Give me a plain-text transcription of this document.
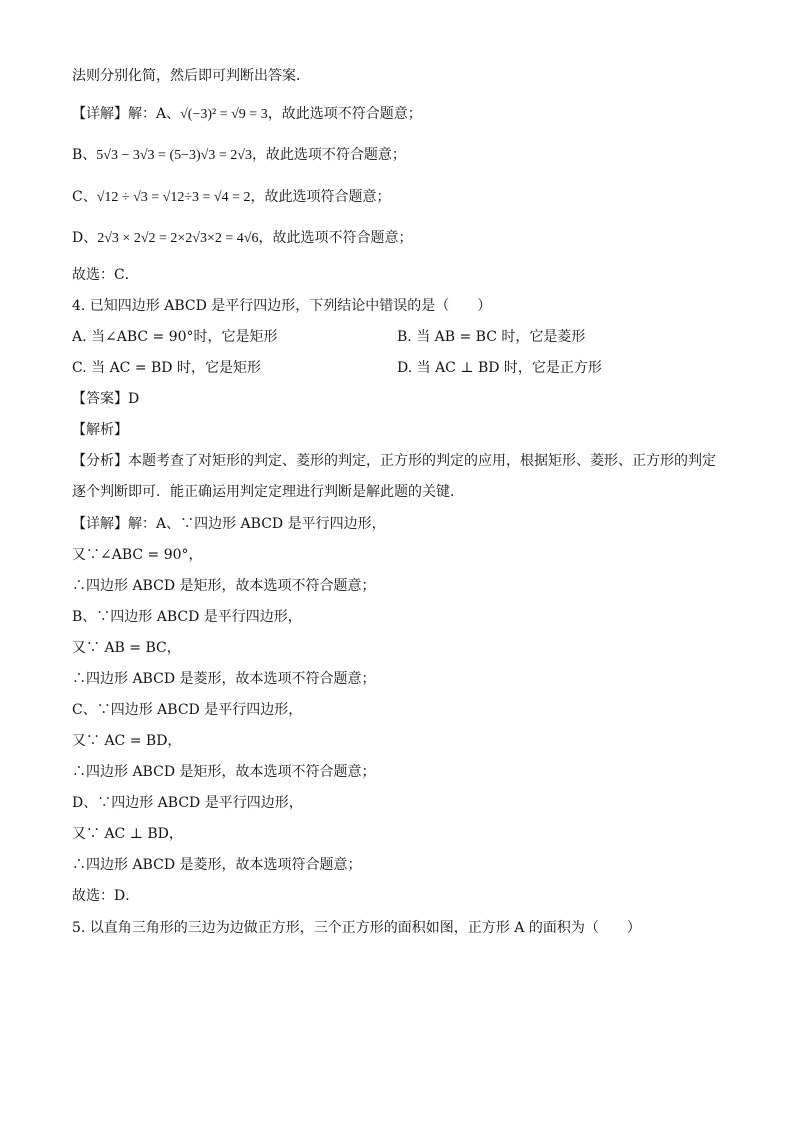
法则分别化简，然后即可判断出答案．
【详解】解：A、√(−3)² = √9 = 3，故此选项不符合题意；
B、5√3 − 3√3 = (5−3)√3 = 2√3，故此选项不符合题意；
C、√12 ÷ √3 = √12÷3 = √4 = 2，故此选项符合题意；
D、2√3 × 2√2 = 2×2√3×2 = 4√6，故此选项不符合题意；
故选：C．
4. 已知四边形 ABCD 是平行四边形，下列结论中错误的是（　　）
A. 当∠ABC = 90°时，它是矩形	B. 当 AB = BC 时，它是菱形
C. 当 AC = BD 时，它是矩形	D. 当 AC ⊥ BD 时，它是正方形
【答案】D
【解析】
【分析】本题考查了对矩形的判定、菱形的判定，正方形的判定的应用，根据矩形、菱形、正方形的判定
逐个判断即可．能正确运用判定定理进行判断是解此题的关键．
【详解】解：A、∵四边形 ABCD 是平行四边形，
又∵∠ABC = 90°，
∴四边形 ABCD 是矩形，故本选项不符合题意；
B、∵四边形 ABCD 是平行四边形，
又∵ AB = BC，
∴四边形 ABCD 是菱形，故本选项不符合题意；
C、∵四边形 ABCD 是平行四边形，
又∵ AC = BD，
∴四边形 ABCD 是矩形，故本选项不符合题意；
D、∵四边形 ABCD 是平行四边形，
又∵ AC ⊥ BD，
∴四边形 ABCD 是菱形，故本选项符合题意；
故选：D．
5. 以直角三角形的三边为边做正方形，三个正方形的面积如图，正方形 A 的面积为（　　）
